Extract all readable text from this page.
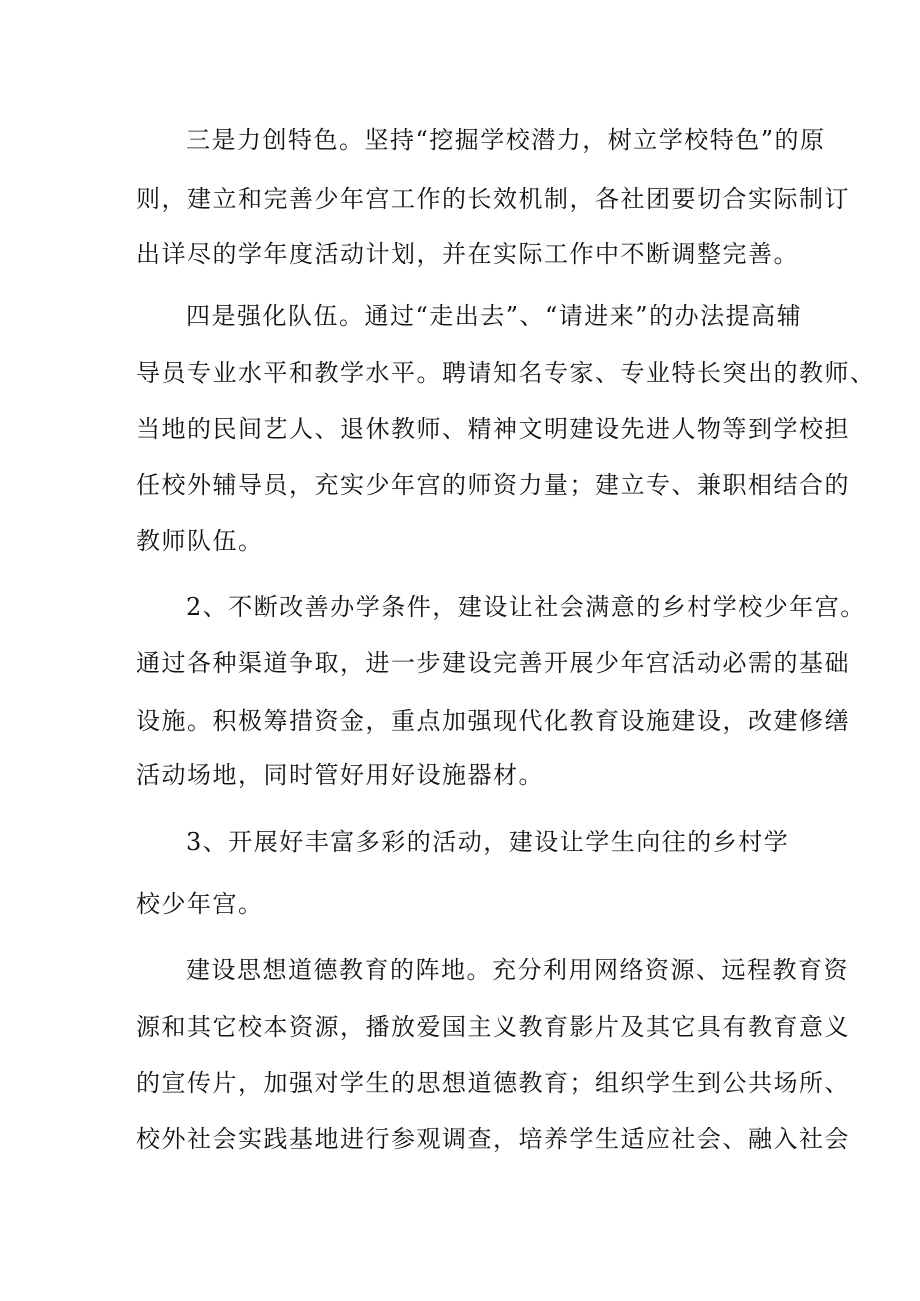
三是力创特色。坚持“挖掘学校潜力，树立学校特色”的原
则，建立和完善少年宫工作的长效机制，各社团要切合实际制订
出详尽的学年度活动计划，并在实际工作中不断调整完善。
四是强化队伍。通过“走出去”、“请进来”的办法提高辅
导员专业水平和教学水平。聘请知名专家、专业特长突出的教师、
当地的民间艺人、退休教师、精神文明建设先进人物等到学校担
任校外辅导员，充实少年宫的师资力量；建立专、兼职相结合的
教师队伍。
2、不断改善办学条件，建设让社会满意的乡村学校少年宫。
通过各种渠道争取，进一步建设完善开展少年宫活动必需的基础
设施。积极筹措资金，重点加强现代化教育设施建设，改建修缮
活动场地，同时管好用好设施器材。
3、开展好丰富多彩的活动，建设让学生向往的乡村学
校少年宫。
建设思想道德教育的阵地。充分利用网络资源、远程教育资
源和其它校本资源，播放爱国主义教育影片及其它具有教育意义
的宣传片，加强对学生的思想道德教育；组织学生到公共场所、
校外社会实践基地进行参观调查，培养学生适应社会、融入社会
